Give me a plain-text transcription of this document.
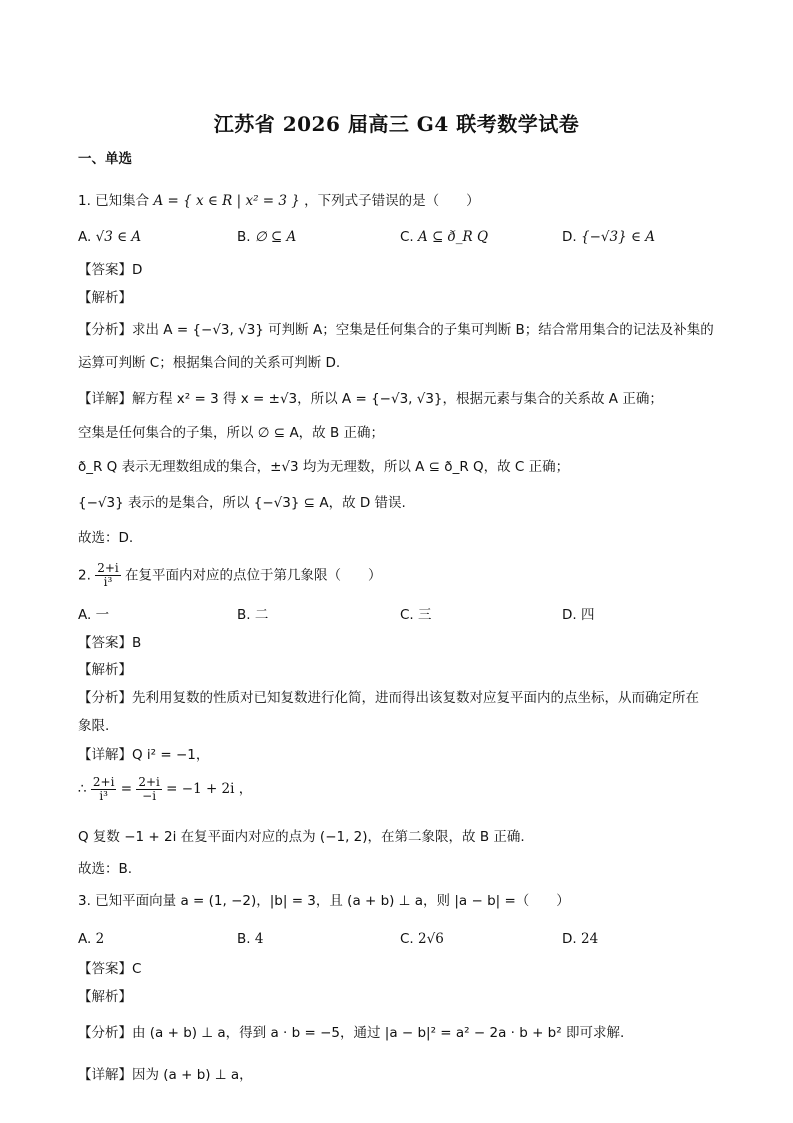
江苏省 2026 届高三 G4 联考数学试卷
一、单选
1. 已知集合 A = { x ∈ R | x² = 3 } ，下列式子错误的是（　　）
A. √3 ∈ A	B. ∅ ⊆ A	C. A ⊆ ð_R Q	D. {−√3} ∈ A
【答案】D
【解析】
【分析】求出 A = {−√3, √3} 可判断 A；空集是任何集合的子集可判断 B；结合常用集合的记法及补集的
运算可判断 C；根据集合间的关系可判断 D.
【详解】解方程 x² = 3 得 x = ±√3，所以 A = {−√3, √3}，根据元素与集合的关系故 A 正确；
空集是任何集合的子集，所以 ∅ ⊆ A，故 B 正确；
ð_R Q 表示无理数组成的集合，±√3 均为无理数，所以 A ⊆ ð_R Q，故 C 正确；
{−√3} 表示的是集合，所以 {−√3} ⊆ A，故 D 错误.
故选：D.
2. $\frac{2+i}{\text{i³}}$ 在复平面内对应的点位于第几象限（　　）
A. 一	B. 二	C. 三	D. 四
【答案】B
【解析】
【分析】先利用复数的性质对已知复数进行化简，进而得出该复数对应复平面内的点坐标，从而确定所在
象限.
【详解】Q i² = −1，
∴ $\frac{2+i}{\text{i³}} = \frac{2+i}{-i} = -1 + 2i$ ，
Q 复数 −1 + 2i 在复平面内对应的点为 (−1, 2)，在第二象限，故 B 正确.
故选：B.
3. 已知平面向量 a = (1, −2)，|b| = 3，且 (a + b) ⊥ a，则 |a − b| =（　　）
A. 2	B. 4	C. 2√6	D. 24
【答案】C
【解析】
【分析】由 (a + b) ⊥ a，得到 a · b = −5，通过 |a − b|² = a² − 2a · b + b² 即可求解.
【详解】因为 (a + b) ⊥ a，
